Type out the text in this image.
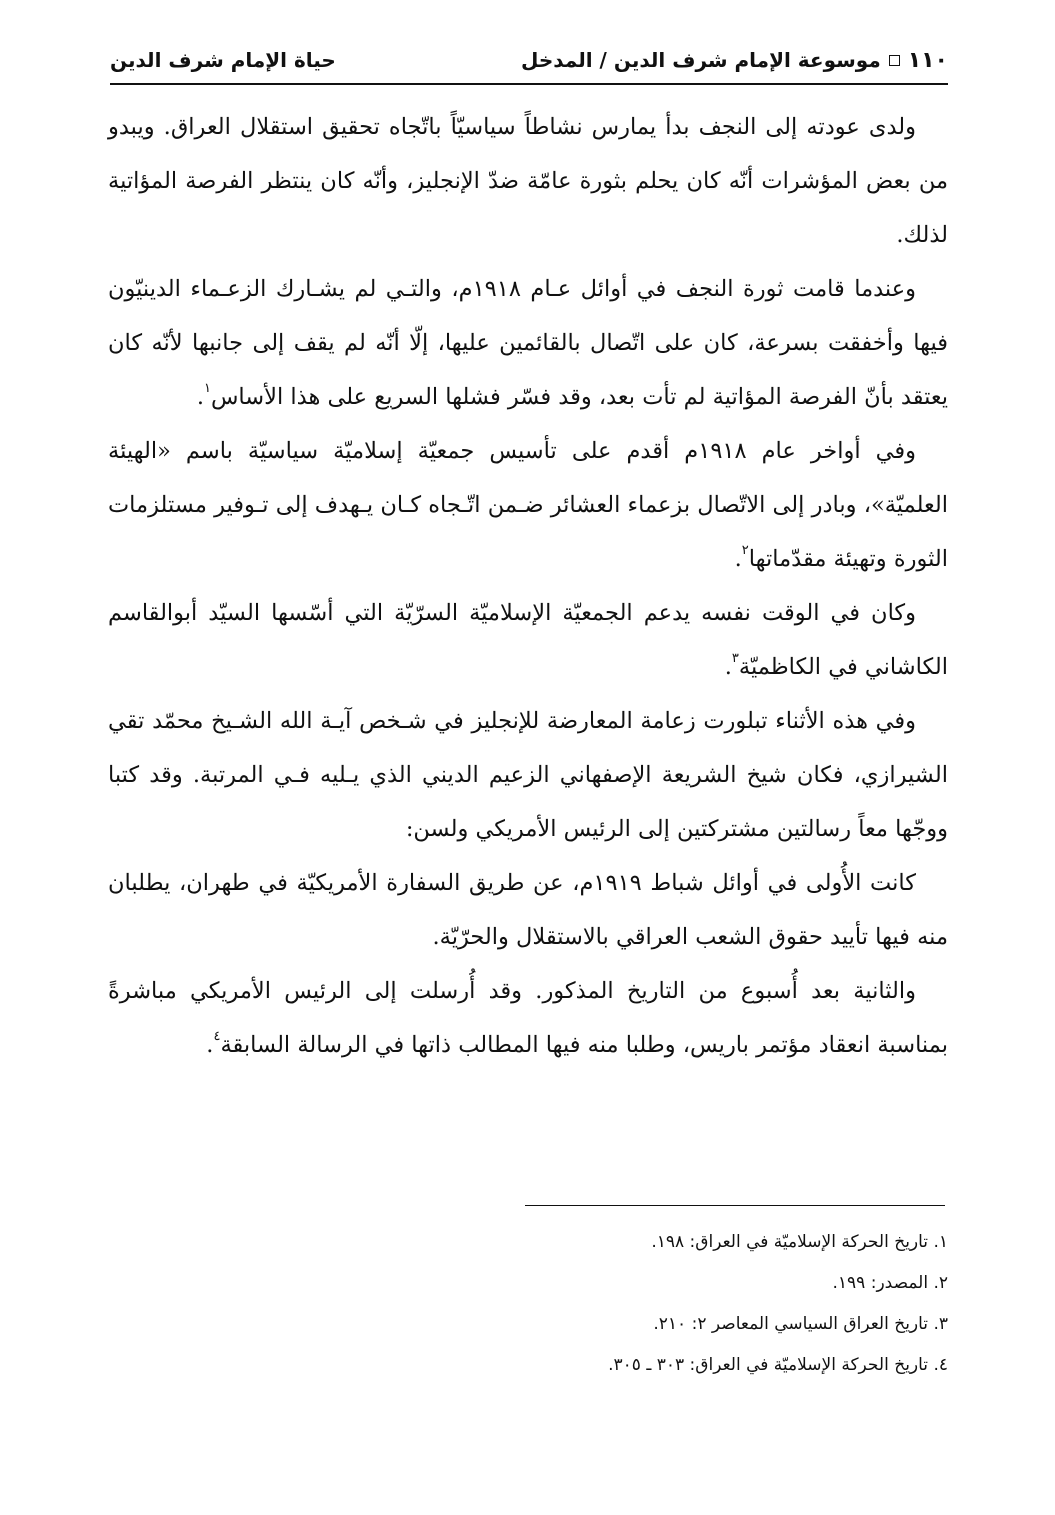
١١٠
موسوعة الإمام شرف الدين / المدخل
حياة الإمام شرف الدين

ولدى عودته إلى النجف بدأ يمارس نشاطاً سياسيّاً باتّجاه تحقيق استقلال العراق. ويبدو من بعض المؤشرات أنّه كان يحلم بثورة عامّة ضدّ الإنجليز، وأنّه كان ينتظر الفرصة المؤاتية لذلك.

وعندما قامت ثورة النجف في أوائل عـام ١٩١٨م، والتـي لم يشـارك الزعـماء الدينيّون فيها وأخفقت بسرعة، كان على اتّصال بالقائمين عليها، إلّا أنّه لم يقف إلى جانبها لأنّه كان يعتقد بأنّ الفرصة المؤاتية لم تأت بعد، وقد فسّر فشلها السريع على هذا الأساس$^١$.

وفي أواخر عام ١٩١٨م أقدم على تأسيس جمعيّة إسلاميّة سياسيّة باسم «الهيئة العلميّة»، وبادر إلى الاتّصال بزعماء العشائر ضـمن اتّـجاه كـان يـهدف إلى تـوفير مستلزمات الثورة وتهيئة مقدّماتها$^٢$.

وكان في الوقت نفسه يدعم الجمعيّة الإسلاميّة السرّيّة التي أسّسها السيّد أبوالقاسم الكاشاني في الكاظميّة$^٣$.

وفي هذه الأثناء تبلورت زعامة المعارضة للإنجليز في شـخص آيـة الله الشـيخ محمّد تقي الشيرازي، فكان شيخ الشريعة الإصفهاني الزعيم الديني الذي يـليه فـي المرتبة. وقد كتبا ووجّها معاً رسالتين مشتركتين إلى الرئيس الأمريكي ولسن:

كانت الأُولى في أوائل شباط ١٩١٩م، عن طريق السفارة الأمريكيّة في طهران، يطلبان منه فيها تأييد حقوق الشعب العراقي بالاستقلال والحرّيّة.

والثانية بعد أُسبوع من التاريخ المذكور. وقد أُرسلت إلى الرئيس الأمريكي مباشرةً بمناسبة انعقاد مؤتمر باريس، وطلبا منه فيها المطالب ذاتها في الرسالة السابقة$^٤$.

١. تاريخ الحركة الإسلاميّة في العراق: ١٩٨.
٢. المصدر: ١٩٩.
٣. تاريخ العراق السياسي المعاصر ٢: ٢١٠.
٤. تاريخ الحركة الإسلاميّة في العراق: ٣٠٣ ـ ٣٠٥.
